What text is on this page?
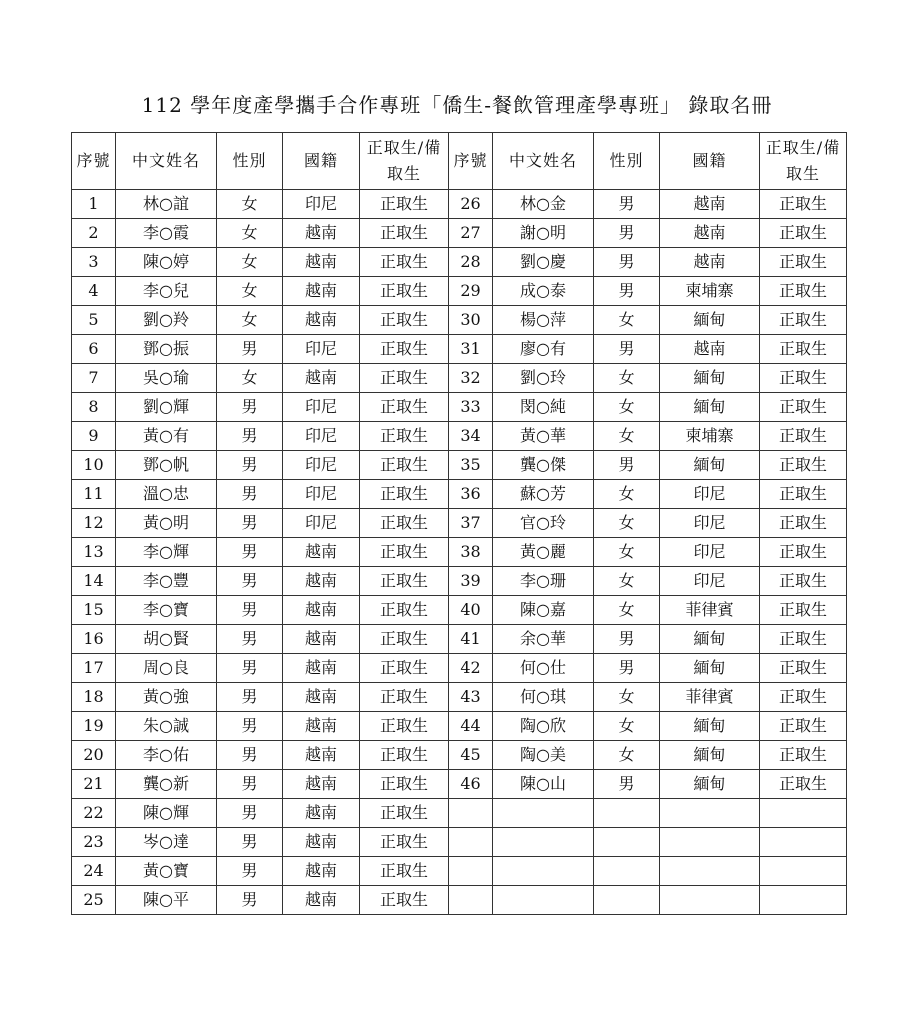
112 學年度產學攜手合作專班「僑生-餐飲管理產學專班」 錄取名冊
序號	中文姓名	性別	國籍	正取生/備取生	序號	中文姓名	性別	國籍	正取生/備取生

1	林○誼	女	印尼	正取生	26	林○金	男	越南	正取生
2	李○霞	女	越南	正取生	27	謝○明	男	越南	正取生
3	陳○婷	女	越南	正取生	28	劉○慶	男	越南	正取生
4	李○兒	女	越南	正取生	29	成○泰	男	柬埔寨	正取生
5	劉○羚	女	越南	正取生	30	楊○萍	女	緬甸	正取生
6	鄧○振	男	印尼	正取生	31	廖○有	男	越南	正取生
7	吳○瑜	女	越南	正取生	32	劉○玲	女	緬甸	正取生
8	劉○輝	男	印尼	正取生	33	閔○純	女	緬甸	正取生
9	黃○有	男	印尼	正取生	34	黃○華	女	柬埔寨	正取生
10	鄧○帆	男	印尼	正取生	35	龔○傑	男	緬甸	正取生
11	溫○忠	男	印尼	正取生	36	蘇○芳	女	印尼	正取生
12	黃○明	男	印尼	正取生	37	官○玲	女	印尼	正取生
13	李○輝	男	越南	正取生	38	黃○麗	女	印尼	正取生
14	李○豐	男	越南	正取生	39	李○珊	女	印尼	正取生
15	李○寶	男	越南	正取生	40	陳○嘉	女	菲律賓	正取生
16	胡○賢	男	越南	正取生	41	余○華	男	緬甸	正取生
17	周○良	男	越南	正取生	42	何○仕	男	緬甸	正取生
18	黃○強	男	越南	正取生	43	何○琪	女	菲律賓	正取生
19	朱○誠	男	越南	正取生	44	陶○欣	女	緬甸	正取生
20	李○佑	男	越南	正取生	45	陶○美	女	緬甸	正取生
21	龔○新	男	越南	正取生	46	陳○山	男	緬甸	正取生
22	陳○輝	男	越南	正取生					
23	岑○達	男	越南	正取生					
24	黃○寶	男	越南	正取生					
25	陳○平	男	越南	正取生					
